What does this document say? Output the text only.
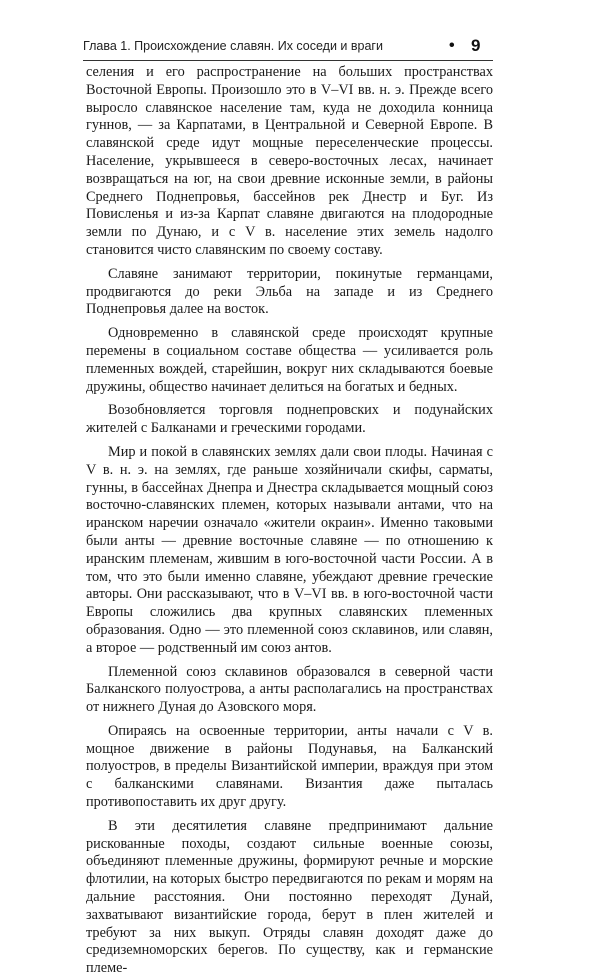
Глава 1. Происхождение славян. Их соседи и враги	• 9

селения и его распространение на больших пространствах Восточной Европы. Произошло это в V–VI вв. н. э. Прежде всего выросло славянское население там, куда не доходила конница гуннов, — за Карпатами, в Центральной и Северной Европе. В славянской среде идут мощные переселенческие процессы. Население, укрывшееся в северо-восточных лесах, начинает возвращаться на юг, на свои древние исконные земли, в районы Среднего Поднепровья, бассейнов рек Днестр и Буг. Из Повисленья и из-за Карпат славяне двигаются на плодородные земли по Дунаю, и с V в. население этих земель надолго становится чисто славянским по своему составу.

Славяне занимают территории, покинутые германцами, продвигаются до реки Эльба на западе и из Среднего Поднепровья далее на восток.

Одновременно в славянской среде происходят крупные перемены в социальном составе общества — усиливается роль племенных вождей, старейшин, вокруг них складываются боевые дружины, общество начинает делиться на богатых и бедных.

Возобновляется торговля поднепровских и подунайских жителей с Балканами и греческими городами.

Мир и покой в славянских землях дали свои плоды. Начиная с V в. н. э. на землях, где раньше хозяйничали скифы, сарматы, гунны, в бассейнах Днепра и Днестра складывается мощный союз восточно-славянских племен, которых называли антами, что на иранском наречии означало «жители окраин». Именно таковыми были анты — древние восточные славяне — по отношению к иранским племенам, жившим в юго-восточной части России. А в том, что это были именно славяне, убеждают древние греческие авторы. Они рассказывают, что в V–VI вв. в юго-восточной части Европы сложились два крупных славянских племенных образования. Одно — это племенной союз склавинов, или славян, а второе — родственный им союз антов.

Племенной союз склавинов образовался в северной части Балканского полуострова, а анты располагались на пространствах от нижнего Дуная до Азовского моря.

Опираясь на освоенные территории, анты начали с V в. мощное движение в районы Подунавья, на Балканский полуостров, в пределы Византийской империи, враждуя при этом с балканскими славянами. Византия даже пыталась противопоставить их друг другу.

В эти десятилетия славяне предпринимают дальние рискованные походы, создают сильные военные союзы, объединяют племенные дружины, формируют речные и морские флотилии, на которых быстро передвигаются по рекам и морям на дальние расстояния. Они постоянно переходят Дунай, захватывают византийские города, берут в плен жителей и требуют за них выкуп. Отряды славян доходят даже до средиземноморских берегов. По существу, как и германские племе-
